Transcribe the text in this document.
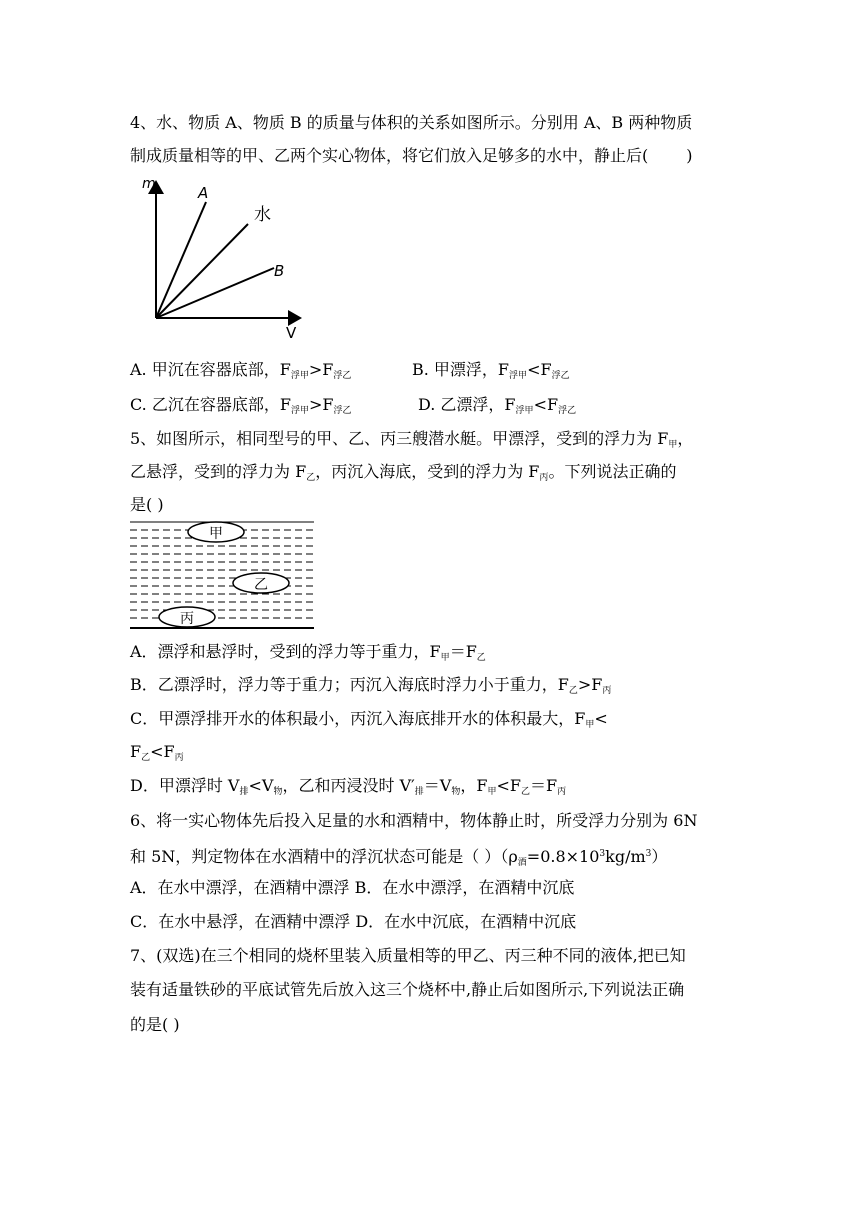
4、水、物质 A、物质 B 的质量与体积的关系如图所示。分别用 A、B 两种物质
制成质量相等的甲、乙两个实心物体，将它们放入足够多的水中，静止后( )
m	A
水
B
V
A. 甲沉在容器底部，$F_{浮甲}>F_{浮乙}$	B. 甲漂浮，$F_{浮甲}<F_{浮乙}$
C. 乙沉在容器底部，$F_{浮甲}>F_{浮乙}$	D. 乙漂浮，$F_{浮甲}<F_{浮乙}$
5、如图所示，相同型号的甲、乙、丙三艘潜水艇。甲漂浮，受到的浮力为 $F_甲$，
乙悬浮，受到的浮力为 $F_乙$，丙沉入海底，受到的浮力为 $F_丙$。下列说法正确的
是( )
甲
乙
丙
A．漂浮和悬浮时，受到的浮力等于重力，$F_甲=F_乙$
B．乙漂浮时，浮力等于重力；丙沉入海底时浮力小于重力，$F_乙>F_丙$
C．甲漂浮排开水的体积最小，丙沉入海底排开水的体积最大，$F_甲<$
$F_乙<F_丙$
D．甲漂浮时 $V_排<V_物$，乙和丙浸没时 $V'_排=V_物$，$F_甲<F_乙=F_丙$
6、将一实心物体先后投入足量的水和酒精中，物体静止时，所受浮力分别为 6N
和 5N，判定物体在水酒精中的浮沉状态可能是（ ）$(\rho_酒=0.8\times 10^3kg/m^3)$
A．在水中漂浮，在酒精中漂浮 B．在水中漂浮，在酒精中沉底
C．在水中悬浮，在酒精中漂浮 D．在水中沉底，在酒精中沉底
7、(双选)在三个相同的烧杯里装入质量相等的甲乙、丙三种不同的液体,把已知
装有适量铁砂的平底试管先后放入这三个烧杯中,静止后如图所示,下列说法正确
的是( )
